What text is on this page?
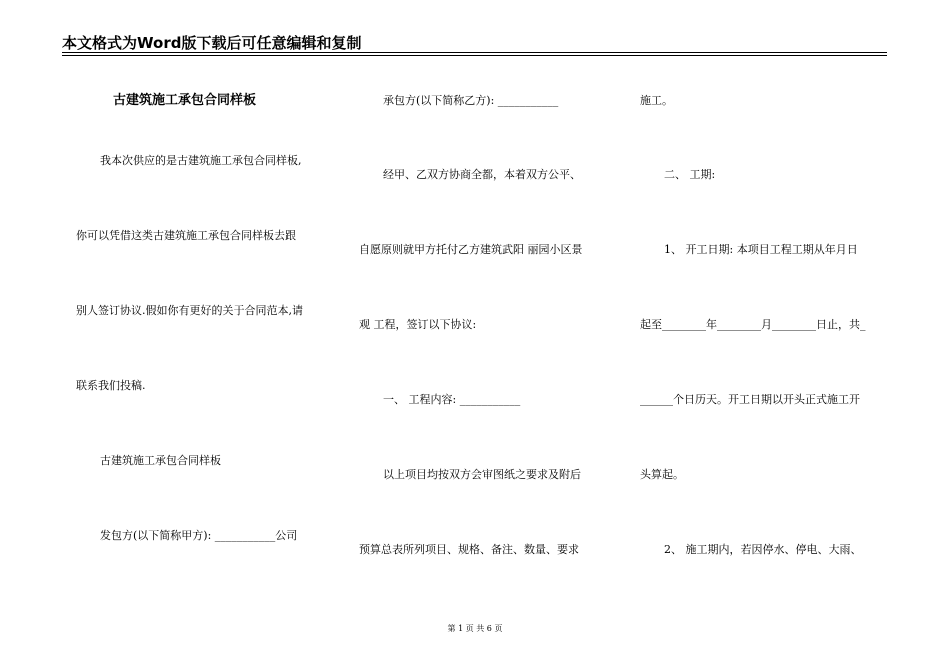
本文格式为Word版下载后可任意编辑和复制
古建筑施工承包合同样板
我本次供应的是古建筑施工承包合同样板,
你可以凭借这类古建筑施工承包合同样板去跟
别人签订协议.假如你有更好的关于合同范本,请
联系我们投稿.
古建筑施工承包合同样板
发包方(以下简称甲方): ___________公司
承包方(以下简称乙方): ___________
经甲、乙双方协商全都，本着双方公平、
自愿原则就甲方托付乙方建筑武阳 丽园小区景
观 工程，签订以下协议:
一、 工程内容: ___________
以上项目均按双方会审图纸之要求及附后
预算总表所列项目、规格、备注、数量、要求
施工。
二、 工期:
1、 开工日期: 本项目工程工期从年月日
起至________年________月________日止，共_
______个日历天。开工日期以开头正式施工开
头算起。
2、 施工期内，若因停水、停电、大雨、
第 1 页 共 6 页
